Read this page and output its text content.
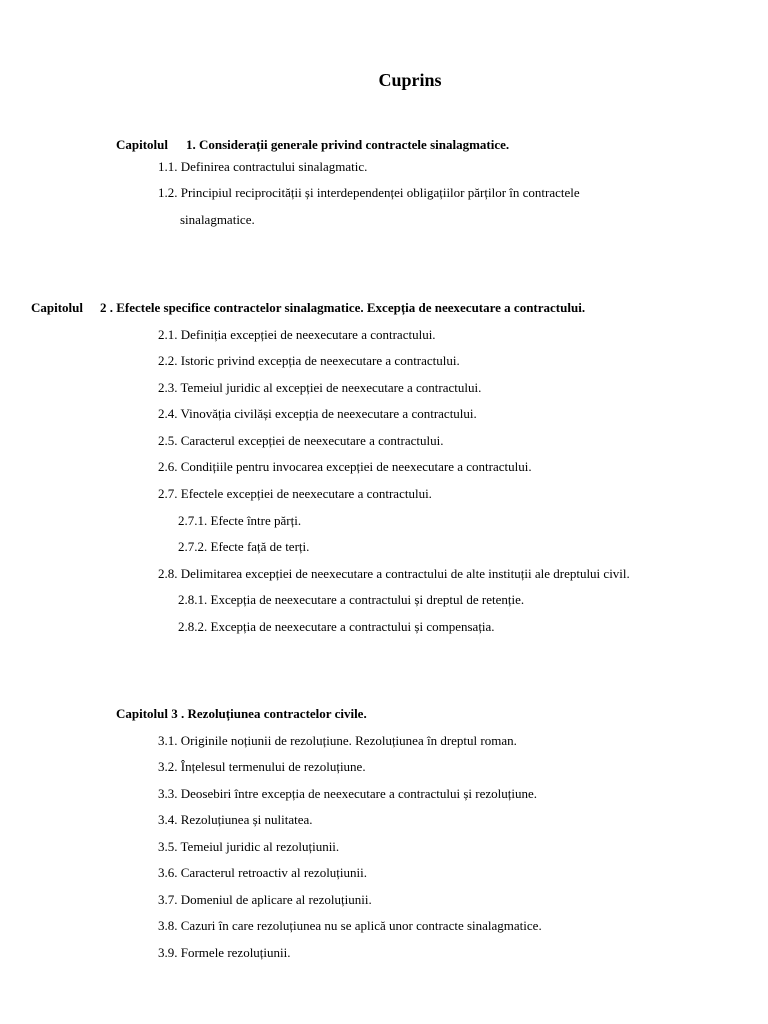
Cuprins
Capitolul 1. Considerații generale privind contractele sinalagmatice.
1.1. Definirea contractului sinalagmatic.
1.2. Principiul reciprocității și interdependenței obligațiilor părților în contractele
sinalagmatice.
Capitolul 2 . Efectele specifice contractelor sinalagmatice. Excepția de neexecutare a contractului.
2.1. Definiția excepției de neexecutare a contractului.
2.2. Istoric privind excepția de neexecutare a contractului.
2.3. Temeiul juridic al excepției de neexecutare a contractului.
2.4. Vinovăția civilăși excepția de neexecutare a contractului.
2.5. Caracterul excepției de neexecutare a contractului.
2.6. Condițiile pentru invocarea excepției de neexecutare a contractului.
2.7. Efectele excepției de neexecutare a contractului.
2.7.1. Efecte între părți.
2.7.2. Efecte față de terți.
2.8. Delimitarea excepției de neexecutare a contractului de alte instituții ale dreptului civil.
2.8.1. Excepția de neexecutare a contractului și dreptul de retenție.
2.8.2. Excepția de neexecutare a contractului și compensația.
Capitolul 3 . Rezoluțiunea contractelor civile.
3.1. Originile noțiunii de rezoluțiune. Rezoluțiunea în dreptul roman.
3.2. Înțelesul termenului de rezoluțiune.
3.3. Deosebiri între excepția de neexecutare a contractului și rezoluțiune.
3.4. Rezoluțiunea și nulitatea.
3.5. Temeiul juridic al rezoluțiunii.
3.6. Caracterul retroactiv al rezoluțiunii.
3.7. Domeniul de aplicare al rezoluțiunii.
3.8. Cazuri în care rezoluțiunea nu se aplică unor contracte sinalagmatice.
3.9. Formele rezoluțiunii.
